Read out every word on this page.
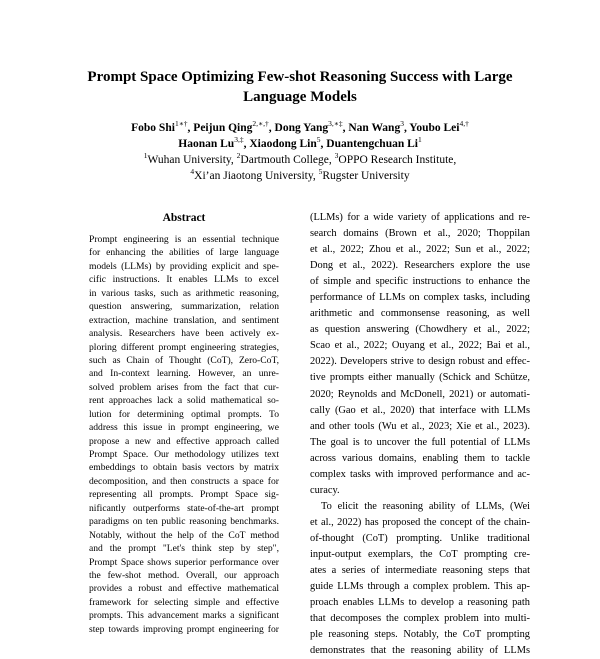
Prompt Space Optimizing Few-shot Reasoning Success with Large
Language Models
Fobo Shi$^{1∗\dagger}$, Peijun Qing$^{2,∗,\dagger}$, Dong Yang$^{3,∗\ddagger}$, Nan Wang$^3$, Youbo Lei$^{4,\dagger}$
Haonan $Lu^{3,\ddagger}$, Xiaodong Lin$^5$, Duantengchuan Li$^1$
$^1$Wuhan University, $^2$Dartmouth College, $^3$OPPO Research Institute,
$^4$Xi’an Jiaotong University, $^5$Rugster University
Abstract
Prompt engineering is an essential technique
for enhancing the abilities of large language
models (LLMs) by providing explicit and spe-
cific instructions. It enables LLMs to excel
in various tasks, such as arithmetic reasoning,
question answering, summarization, relation
extraction, machine translation, and sentiment
analysis. Researchers have been actively ex-
ploring different prompt engineering strategies,
such as Chain of Thought (CoT), Zero-CoT,
and In-context learning. However, an unre-
solved problem arises from the fact that cur-
rent approaches lack a solid mathematical so-
lution for determining optimal prompts. To
address this issue in prompt engineering, we
propose a new and effective approach called
Prompt Space. Our methodology utilizes text
embeddings to obtain basis vectors by matrix
decomposition, and then constructs a space for
representing all prompts. Prompt Space sig-
nificantly outperforms state-of-the-art prompt
paradigms on ten public reasoning benchmarks.
Notably, without the help of the CoT method
and the prompt "Let's think step by step",
Prompt Space shows superior performance over
the few-shot method. Overall, our approach
provides a robust and effective mathematical
framework for selecting simple and effective
prompts. This advancement marks a significant
step towards improving prompt engineering for
(LLMs) for a wide variety of applications and re-
search domains (Brown et al., 2020; Thoppilan
et al., 2022; Zhou et al., 2022; Sun et al., 2022;
Dong et al., 2022). Researchers explore the use
of simple and specific instructions to enhance the
performance of LLMs on complex tasks, including
arithmetic and commonsense reasoning, as well
as question answering (Chowdhery et al., 2022;
Scao et al., 2022; Ouyang et al., 2022; Bai et al.,
2022). Developers strive to design robust and effec-
tive prompts either manually (Schick and Schütze,
2020; Reynolds and McDonell, 2021) or automati-
cally (Gao et al., 2020) that interface with LLMs
and other tools (Wu et al., 2023; Xie et al., 2023).
The goal is to uncover the full potential of LLMs
across various domains, enabling them to tackle
complex tasks with improved performance and ac-
curacy.
To elicit the reasoning ability of LLMs, (Wei
et al., 2022) has proposed the concept of the chain-
of-thought (CoT) prompting. Unlike traditional
input-output exemplars, the CoT prompting cre-
ates a series of intermediate reasoning steps that
guide LLMs through a complex problem. This ap-
proach enables LLMs to develop a reasoning path
that decomposes the complex problem into multi-
ple reasoning steps. Notably, the CoT prompting
demonstrates that the reasoning ability of LLMs
